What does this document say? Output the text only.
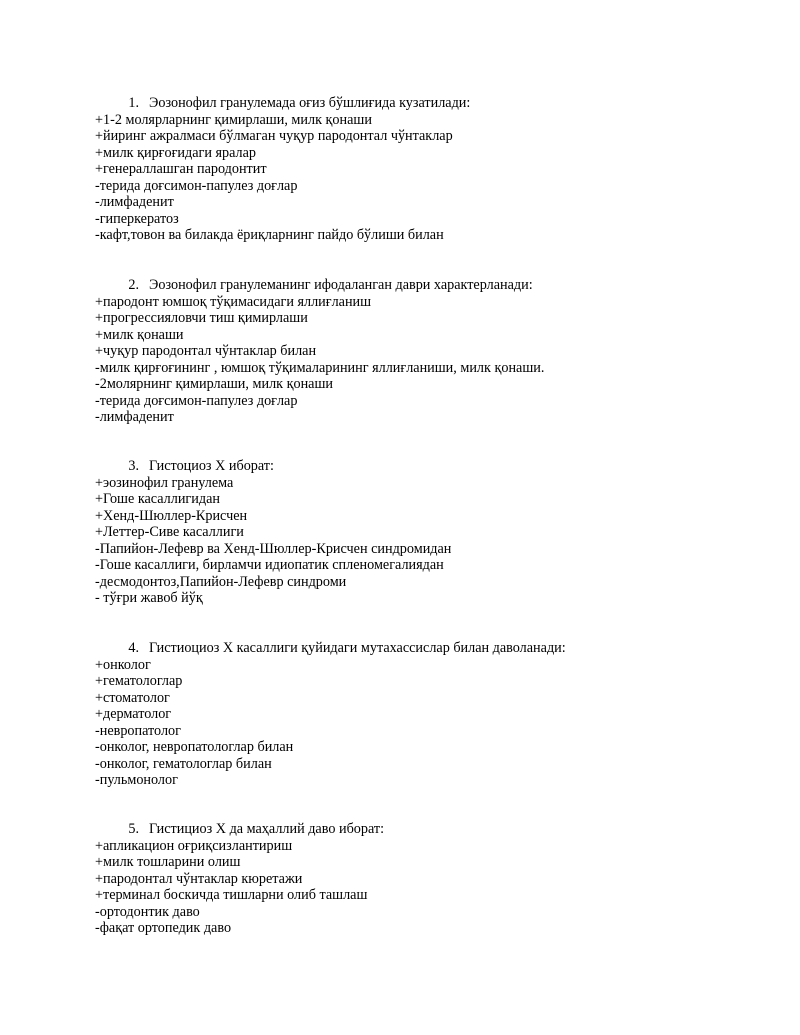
1. Эозонофил гранулемада оғиз бўшлиғида кузатилади:
+1-2 молярларнинг қимирлаши, милк қонаши
+йиринг ажралмаси бўлмаган чуқур пародонтал чўнтаклар
+милк қирғоғидаги яралар
+генераллашган пародонтит
-терида доғсимон-папулез доғлар
-лимфаденит
-гиперкератоз
-кафт,товон ва билакда ёриқларнинг пайдо бўлиши билан
2. Эозонофил гранулеманинг ифодаланган даври характерланади:
+пародонт юмшоқ тўқимасидаги яллиғланиш
+прогрессияловчи тиш қимирлаши
+милк қонаши
+чуқур пародонтал чўнтаклар билан
-милк қирғоғининг , юмшоқ тўқималарининг яллиғланиши, милк қонаши.
-2молярнинг қимирлаши, милк қонаши
-терида доғсимон-папулез доғлар
-лимфаденит
3. Гистоциоз Х иборат:
+эозинофил гранулема
+Гоше касаллигидан
+Хенд-Шюллер-Крисчен
+Леттер-Сиве касаллиги
-Папийон-Лефевр ва Хенд-Шюллер-Крисчен синдромидан
-Гоше касаллиги, бирламчи идиопатик спленомегалиядан
-десмодонтоз,Папийон-Лефевр синдроми
- тўғри жавоб йўқ
4. Гистиоциоз Х касаллиги қуйидаги мутахассислар билан даволанади:
+онколог
+гематологлар
+стоматолог
+дерматолог
-невропатолог
-онколог, невропатологлар билан
-онколог, гематологлар билан
-пульмонолог
5. Гистициоз Х да маҳаллий даво иборат:
+апликацион оғриқсизлантириш
+милк тошларини олиш
+пародонтал чўнтаклар кюретажи
+терминал боскичда тишларни олиб ташлаш
-ортодонтик даво
-фақат ортопедик даво
